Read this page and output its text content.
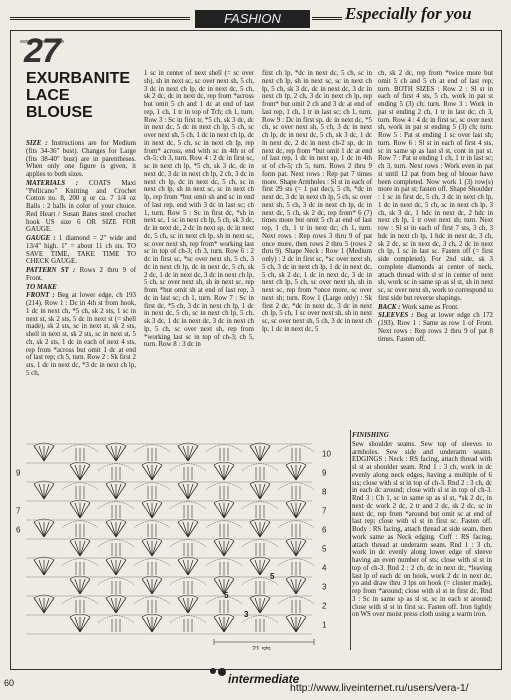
FASHION CROCHET
Especially for you
27
EXURBANITE
LACE
BLOUSE

SIZE : Instructions are for Medium (fits 34-36" bust). Changes for Large (fits 38-40" bust) are in parentheses. When only one figure is given, it applies to both sizes.

MATERIALS : COATS Maxi "Pellicano" Knitting and Crochet Cotton no. 8, 200 g or ca. 7 1/4 oz Balls : 2 balls in color of your choice. Red Heart / Susan Bates steel crochet hook US size 6 OR SIZE FOR GAUGE.

GAUGE : 1 diamond = 2" wide and 13/4" high. 1" = about 11 ch sts. TO SAVE TIME, TAKE TIME TO CHECK GAUGE.

PATTERN ST : Rows 2 thru 9 of Front.

TO MAKE

FRONT : Beg at lower edge, ch 193 (214). Row 1 : Dc in 4th st from hook, 1 dc in next ch, *5 ch, sk 2 sts, 1 sc in next st, sk 2 sts, 5 dc in next st (= shell made), sk 2 sts, sc in next st, sk 2 sts, shell in next st, sk 2 sts, sc in next st, 5 ch, sk 2 sts, 1 dc in each of next 4 sts, rep from *across but omit 1 dc at end of last rep; ch 5, turn. Row 2 : Sk first 2 sts, 1 dc in next dc, *3 dc in next ch lp, 5 ch,

1 sc in center of next shell (= sc over sh), sh in next sc, sc over next sh, 5 ch, 3 dc in next ch lp, dc in next dc, 5 ch, sk 2 dc, dc in next dc, rep from *across but omit 5 ch and 1 dc at end of last rep, 1 ch, 1 tr in top of Tch; ch 1, turn. Row 3 : Sc in first tr, *5 ch, sk 3 dc, dc in next dc, 5 dc in next ch lp, 5 ch, sc over next sh, 5 ch, 1 dc in next ch lp, dc in next dc, 5 ch, sc in next ch lp, rep from* across, end with sc in 4th st of ch-5; ch 3, turn. Row 4 : 2 dc in first sc, sc in next ch lp, *5 ch, sk 3 dc, dc in next dc, 3 dc in next ch lp, 2 ch, 3 dc in next ch lp, dc in next dc, 5 ch, sc in next ch lp, sh in next sc, sc in next ch lp, rep from *but omit sh and sc in end of last rep, end with 3 dc in last sc; ch 1, turn. Row 5 : Sc in first dc, *sh in next sc, 1 sc in next ch lp, 5 ch, sk 3 dc, dc in next dc, 2 dc in next sp, dc in next dc, 5 ch, sc in next ch lp, sh in next sc, sc over next sh, rep from* working last sc in top of ch-3; ch 3, turn. Row 6 : 2 dc in first sc, *sc over next sh, 5 ch, 3 dc in next ch lp, dc in next dc, 5 ch, sk 2 dc, 1 dc in next dc, 3 dc in next ch lp, 5 ch, sc over next sh, sh in next sc, rep from *but omit sh at end of last rep, 3 dc in last sc; ch 1, turn. Row 7 : Sc in first dc, *5 ch, 3 dc in next ch lp, 1 dc in next dc, 5 ch, sc in next ch lp, 5 ch, sk 3 dc, 1 dc in next dc, 3 dc in next ch lp, 5 ch, sc over next sh, rep from *working last sc in top of ch-3; ch 5, turn. Row 8 : 3 dc in

first ch lp, *dc in next dc, 5 ch, sc in next ch lp, sh in next sc, sc in next ch lp, 5 ch, sk 3 dc, dc in next dc, 3 dc in next ch lp, 2 ch, 3 dc in next ch lp, rep from* but omit 2 ch and 3 dc at end of last rep, 1 ch, 1 tr in last sc; ch 1, turn. Row 9 : Dc in first sp, dc in next dc, *5 ch, sc over next sh, 5 ch, 3 dc in next ch lp, dc in next dc, 5 ch, sk 3 dc, 1 dc in next dc, 2 dc in next ch-2 sp, dc in next dc, rep from *but omit 1 dc at end of last rep, 1 dc in next sp, 1 dc in 4th st of ch-5; ch 5, turn. Rows 2 thru 9 form pat. Next rows : Rep pat 7 times more. Shape Armholes : Sl st in each of first 29 sts (= 1 pat dec), 5 ch, *dc in next dc, 3 dc in next ch lp, 5 ch, sc over next sh, 5 ch, 3 dc in next ch lp, dc in next dc, 5 ch, sk 2 dc, rep from* 6 (7) times more but omit 5 ch at end of last rep, 1 ch, 1 tr in next dc; ch 1, turn. Next rows : Rep rows 3 thru 9 of pat once more, then rows 2 thru 5 (rows 2 thru 9). Shape Neck : Row 1 (Medium only) : 2 dc in first sc, *sc over next sh, 5 ch, 3 dc in next ch lp, 1 dc in next dc, 5 ch, sk 2 dc, 1 dc in next dc, 3 dc in next ch lp, 5 ch, sc over next sh, sh in next sc, rep from *once more, sc over next sh; turn. Row 1 (Large only) : Sk first 2 dc, *dc in next dc, 3 dc in next ch lp, 5 ch, 1 sc over next sh, sh in next sc, sc over next sh, 5 ch, 3 dc in next ch lp, 1 dc in next dc, 5

ch, sk 2 dc, rep from *twice more but omit 5 ch and 5 ch at end of last rep; turn. BOTH SIZES : Row 2 : Sl st in each of first 4 sts, 5 ch, work in pat st ending 5 (3) ch; turn. Row 3 : Work in pat st ending 2 ch, 1 tr in last dc; ch 3, turn. Row 4 : 4 dc in first sc, sc over next sh, work in pat st ending 5 (3) ch; turn. Row 5 : Pat st ending 1 sc over last sh; turn. Row 6 : Sl st in each of first 4 sts, sc in same sp as last sl st, cont in pat st. Row 7 : Pat st ending 1 ch, 1 tr in last sc; ch 3, turn. Next rows : Work even in pat st until 12 pat from beg of blouse have been completed. Now work 1 (3) row(s) more in pat st; fasten off. Shape Shoulder : 1 sc in first dc, 5 ch, 3 dc in next ch lp, 1 dc in next dc, 5 ch, sc in next ch lp, 3 ch, sk 3 dc, 1 hdc in next dc, 2 hdc in next ch lp, 1 tr over next sh; turn. Next row : Sl st in each of first 7 sts, 3 ch, 3 hdc in next ch lp, 1 hdc in next dc, 3 ch, sk 2 dc, sc in next dc, 3 ch, 2 dc in next ch lp, 1 sc in last sc. Fasten off (= first side completed). For 2nd side, sk 3 complete diamonds at center of neck, attach thread with sl st in center of next sh, work sc in same sp as sl st, sh in next sc, sc over next sh, work to correspond to first side but reverse shapings.

BACK : Work same as Front.

SLEEVES : Beg at lower edge ch 172 (193). Row 1 : Same as row 1 of Front. Next rows : Rep rows 2 thru 9 of pat 8 times. Fasten off.

FINISHING

Sew shoulder seams. Sew top of sleeves to armholes. Sew side and underarm seams. EDGINGS : Neck : RS facing, attach thread with sl st at shoulder seam. Rnd 1 : 3 ch, work in dc evenly along neck edges, having a multiple of 6 sts; close with sl st in top of ch-3. Rnd 2 : 3 ch, dc in each dc around; close with sl st in top of ch-3. Rnd 3 : Ch 1, sc in same sp as sl st, *sk 2 dc, in next dc work 2 dc, 2 tr and 2 dc, sk 2 dc, sc in next dc, rep from *around but omit sc at end of last rep; close with sl st in first sc. Fasten off. Body : RS facing, attach thread at side seam, then work same as Neck edging. Cuff : RS facing, attach thread at underarm seam. Rnd 1 : 3 ch, work in dc evenly along lower edge of sleeve having an even number of sts; close with sl st in top of ch-3. Rnd 2 : 2 ch, dc in next dc, *leaving last lp of each dc on hook, work 2 dc in next dc, yo and draw thru 3 lps on hook (= cluster made), rep from *around; close with sl st in first dc. Rnd 3 : Sc in same sp as sl st, sc in each st around; close with sl st in first sc. Fasten off. Iron lightly on WS over moist press cloth using a warm iron.

10
9
8
7
6
5
4
3
2
1
9
7
6
5
5
3
21 sts
60	intermediate
http://www.liveinternet.ru/users/vera-1/
